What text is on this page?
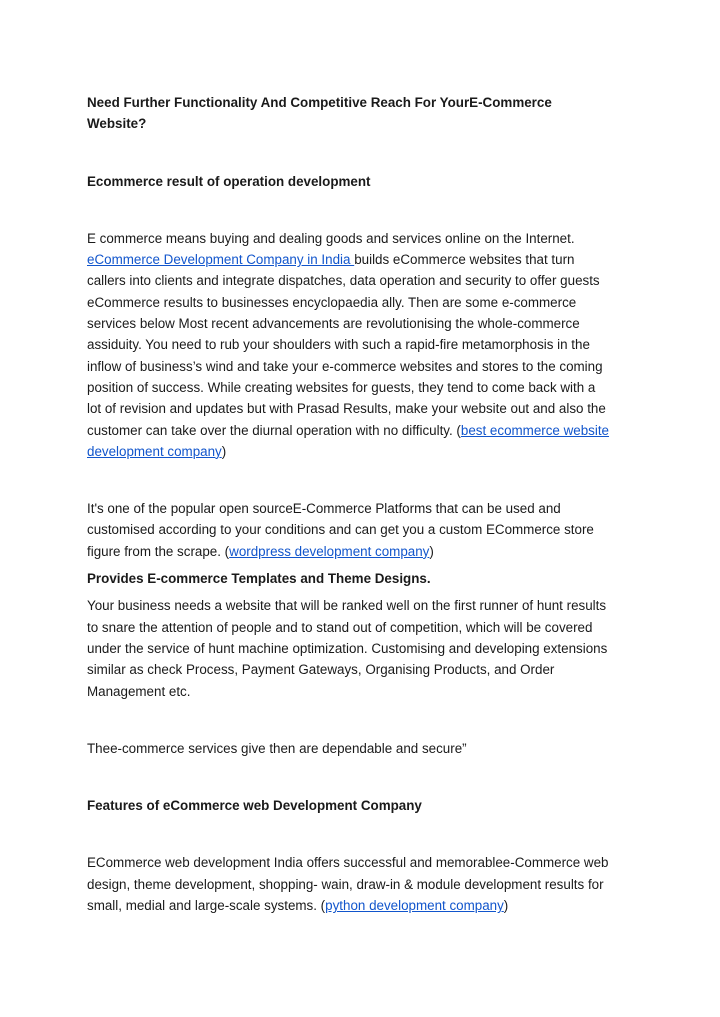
Need Further Functionality And Competitive Reach For YourE-Commerce
Website?
Ecommerce result of operation development
E commerce means buying and dealing goods and services online on the Internet.
eCommerce Development Company in India builds eCommerce websites that turn
callers into clients and integrate dispatches, data operation and security to offer guests
eCommerce results to businesses encyclopaedia ally. Then are some e-commerce
services below Most recent advancements are revolutionising the whole-commerce
assiduity. You need to rub your shoulders with such a rapid-fire metamorphosis in the
inflow of business’s wind and take your e-commerce websites and stores to the coming
position of success. While creating websites for guests, they tend to come back with a
lot of revision and updates but with Prasad Results, make your website out and also the
customer can take over the diurnal operation with no difficulty. (best ecommerce website
development company)
It's one of the popular open sourceE-Commerce Platforms that can be used and
customised according to your conditions and can get you a custom ECommerce store
figure from the scrape. (wordpress development company)
Provides E-commerce Templates and Theme Designs.
Your business needs a website that will be ranked well on the first runner of hunt results
to snare the attention of people and to stand out of competition, which will be covered
under the service of hunt machine optimization. Customising and developing extensions
similar as check Process, Payment Gateways, Organising Products, and Order
Management etc.
Thee-commerce services give then are dependable and secure”
Features of eCommerce web Development Company
ECommerce web development India offers successful and memorablee-Commerce web
design, theme development, shopping- wain, draw-in & module development results for
small, medial and large-scale systems. (python development company)
